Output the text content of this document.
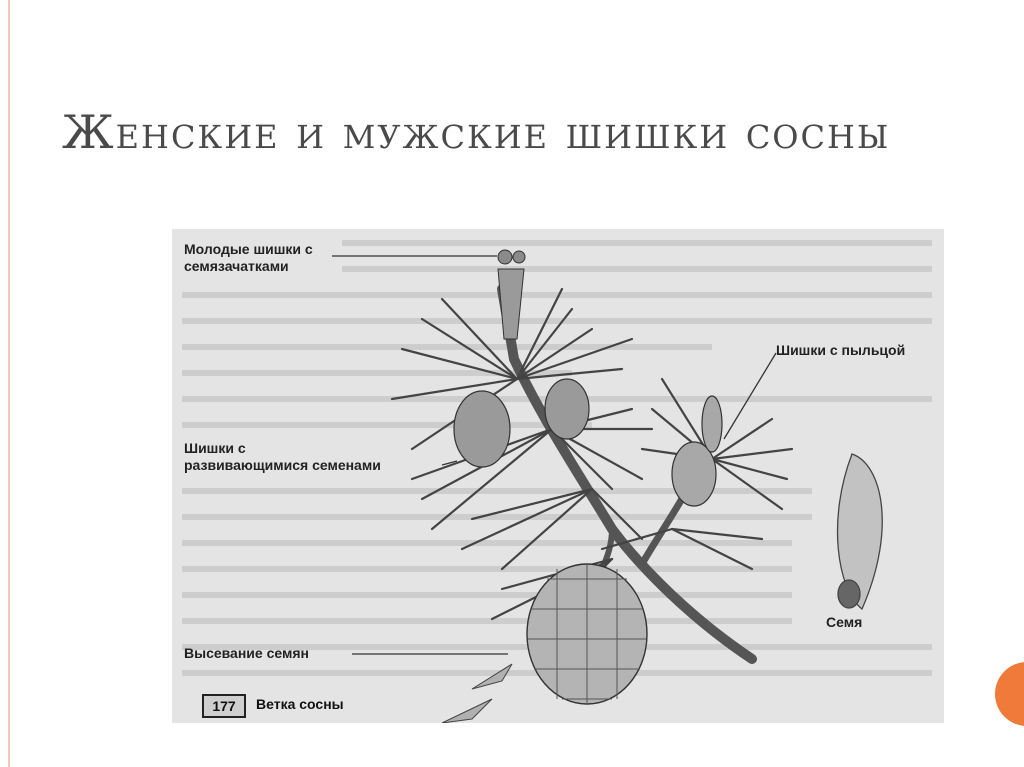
Женские и мужские шишки сосны
Молодые шишки с
семязачатками
Шишки с пыльцой
Шишки с
развивающимися семенами
Высевание семян
Семя
177	Ветка сосны
